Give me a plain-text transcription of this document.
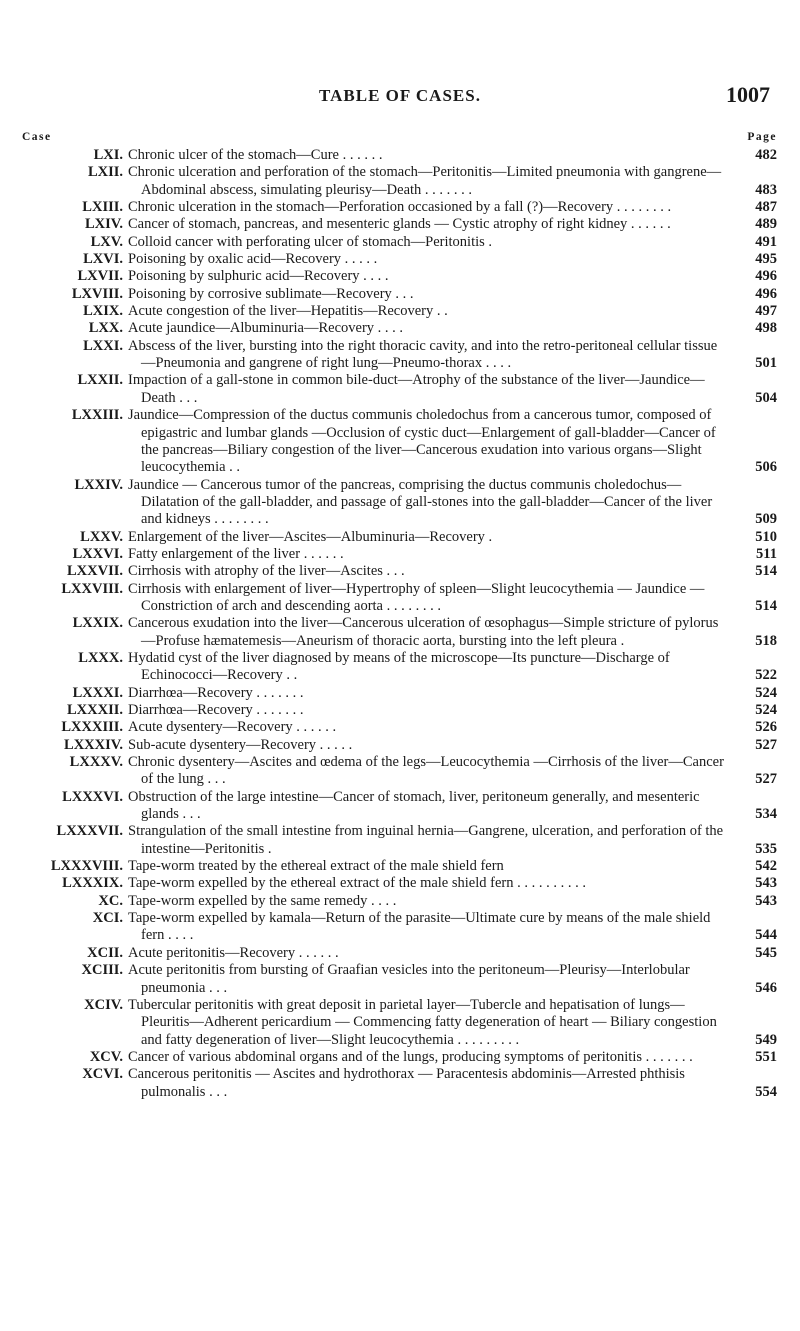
TABLE OF CASES.	1007
Case	Page
LXI. Chronic ulcer of the stomach—Cure . . . . . .	482
LXII. Chronic ulceration and perforation of the stomach—Peritonitis—Limited pneumonia with gangrene—Abdominal abscess, simulating pleurisy—Death . . . . . . .	483
LXIII. Chronic ulceration in the stomach—Perforation occasioned by a fall (?)—Recovery . . . . . . . .	487
LXIV. Cancer of stomach, pancreas, and mesenteric glands — Cystic atrophy of right kidney . . . . . .	489
LXV. Colloid cancer with perforating ulcer of stomach—Peritonitis .	491
LXVI. Poisoning by oxalic acid—Recovery . . . . .	495
LXVII. Poisoning by sulphuric acid—Recovery . . . .	496
LXVIII. Poisoning by corrosive sublimate—Recovery . . .	496
LXIX. Acute congestion of the liver—Hepatitis—Recovery . .	497
LXX. Acute jaundice—Albuminuria—Recovery . . . .	498
LXXI. Abscess of the liver, bursting into the right thoracic cavity, and into the retro-peritoneal cellular tissue—Pneumonia and gangrene of right lung—Pneumo-thorax . . . .	501
LXXII. Impaction of a gall-stone in common bile-duct—Atrophy of the substance of the liver—Jaundice—Death . . .	504
LXXIII. Jaundice—Compression of the ductus communis choledochus from a cancerous tumor, composed of epigastric and lumbar glands —Occlusion of cystic duct—Enlargement of gall-bladder—Cancer of the pancreas—Biliary congestion of the liver—Cancerous exudation into various organs—Slight leucocythemia . .	506
LXXIV. Jaundice — Cancerous tumor of the pancreas, comprising the ductus communis choledochus—Dilatation of the gall-bladder, and passage of gall-stones into the gall-bladder—Cancer of the liver and kidneys . . . . . . . .	509
LXXV. Enlargement of the liver—Ascites—Albuminuria—Recovery .	510
LXXVI. Fatty enlargement of the liver . . . . . .	511
LXXVII. Cirrhosis with atrophy of the liver—Ascites . . .	514
LXXVIII. Cirrhosis with enlargement of liver—Hypertrophy of spleen—Slight leucocythemia — Jaundice — Constriction of arch and descending aorta . . . . . . . .	514
LXXIX. Cancerous exudation into the liver—Cancerous ulceration of œsophagus—Simple stricture of pylorus—Profuse hæmatemesis—Aneurism of thoracic aorta, bursting into the left pleura .	518
LXXX. Hydatid cyst of the liver diagnosed by means of the microscope—Its puncture—Discharge of Echinococci—Recovery . .	522
LXXXI. Diarrhœa—Recovery . . . . . . .	524
LXXXII. Diarrhœa—Recovery . . . . . . .	524
LXXXIII. Acute dysentery—Recovery . . . . . .	526
LXXXIV. Sub-acute dysentery—Recovery . . . . .	527
LXXXV. Chronic dysentery—Ascites and œdema of the legs—Leucocythemia —Cirrhosis of the liver—Cancer of the lung . . .	527
LXXXVI. Obstruction of the large intestine—Cancer of stomach, liver, peritoneum generally, and mesenteric glands . . .	534
LXXXVII. Strangulation of the small intestine from inguinal hernia—Gangrene, ulceration, and perforation of the intestine—Peritonitis .	535
LXXXVIII. Tape-worm treated by the ethereal extract of the male shield fern	542
LXXXIX. Tape-worm expelled by the ethereal extract of the male shield fern . . . . . . . . . .	543
XC. Tape-worm expelled by the same remedy . . . .	543
XCI. Tape-worm expelled by kamala—Return of the parasite—Ultimate cure by means of the male shield fern . . . .	544
XCII. Acute peritonitis—Recovery . . . . . .	545
XCIII. Acute peritonitis from bursting of Graafian vesicles into the peritoneum—Pleurisy—Interlobular pneumonia . . .	546
XCIV. Tubercular peritonitis with great deposit in parietal layer—Tubercle and hepatisation of lungs—Pleuritis—Adherent pericardium — Commencing fatty degeneration of heart — Biliary congestion and fatty degeneration of liver—Slight leucocythemia . . . . . . . . .	549
XCV. Cancer of various abdominal organs and of the lungs, producing symptoms of peritonitis . . . . . . .	551
XCVI. Cancerous peritonitis — Ascites and hydrothorax — Paracentesis abdominis—Arrested phthisis pulmonalis . . .	554
